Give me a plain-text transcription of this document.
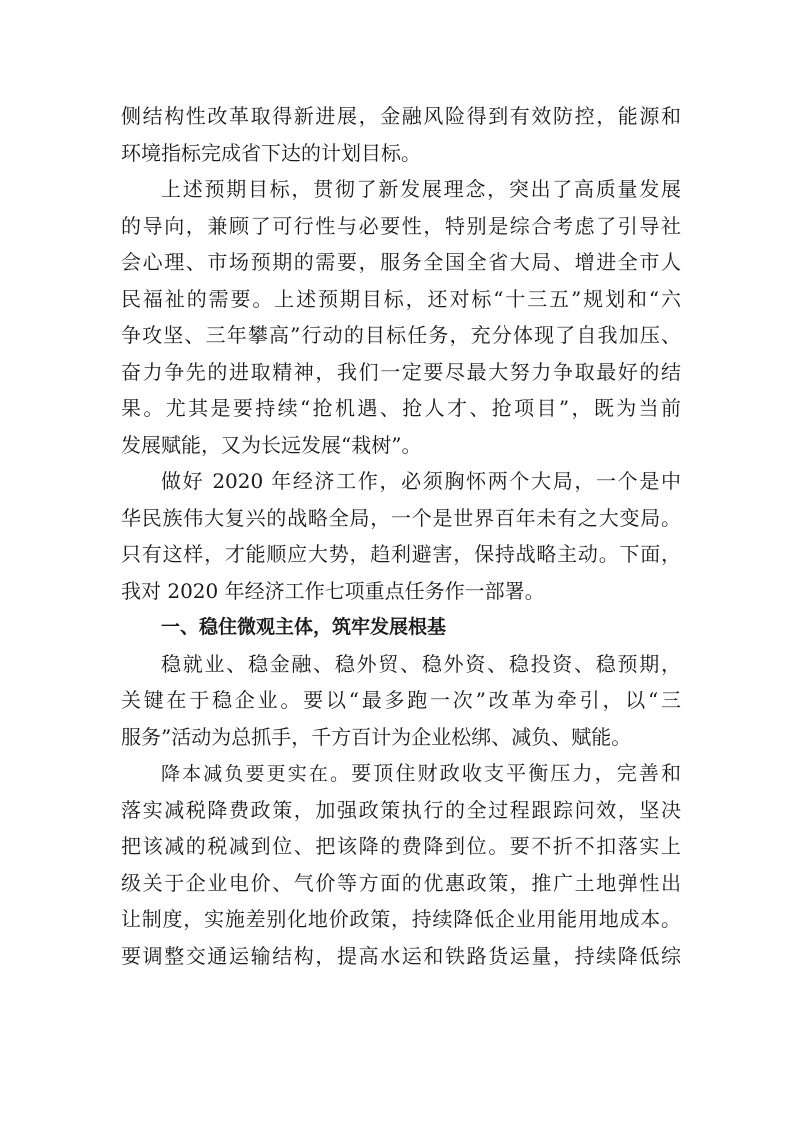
侧结构性改革取得新进展，金融风险得到有效防控，能源和
环境指标完成省下达的计划目标。
上述预期目标，贯彻了新发展理念，突出了高质量发展
的导向，兼顾了可行性与必要性，特别是综合考虑了引导社
会心理、市场预期的需要，服务全国全省大局、增进全市人
民福祉的需要。上述预期目标，还对标“十三五”规划和“六
争攻坚、三年攀高”行动的目标任务，充分体现了自我加压、
奋力争先的进取精神，我们一定要尽最大努力争取最好的结
果。尤其是要持续“抢机遇、抢人才、抢项目”，既为当前
发展赋能，又为长远发展“栽树”。
做好 2020 年经济工作，必须胸怀两个大局，一个是中
华民族伟大复兴的战略全局，一个是世界百年未有之大变局。
只有这样，才能顺应大势，趋利避害，保持战略主动。下面，
我对 2020 年经济工作七项重点任务作一部署。
一、稳住微观主体，筑牢发展根基
稳就业、稳金融、稳外贸、稳外资、稳投资、稳预期，
关键在于稳企业。要以“最多跑一次”改革为牵引，以“三
服务”活动为总抓手，千方百计为企业松绑、减负、赋能。
降本减负要更实在。要顶住财政收支平衡压力，完善和
落实减税降费政策，加强政策执行的全过程跟踪问效，坚决
把该减的税减到位、把该降的费降到位。要不折不扣落实上
级关于企业电价、气价等方面的优惠政策，推广土地弹性出
让制度，实施差别化地价政策，持续降低企业用能用地成本。
要调整交通运输结构，提高水运和铁路货运量，持续降低综
